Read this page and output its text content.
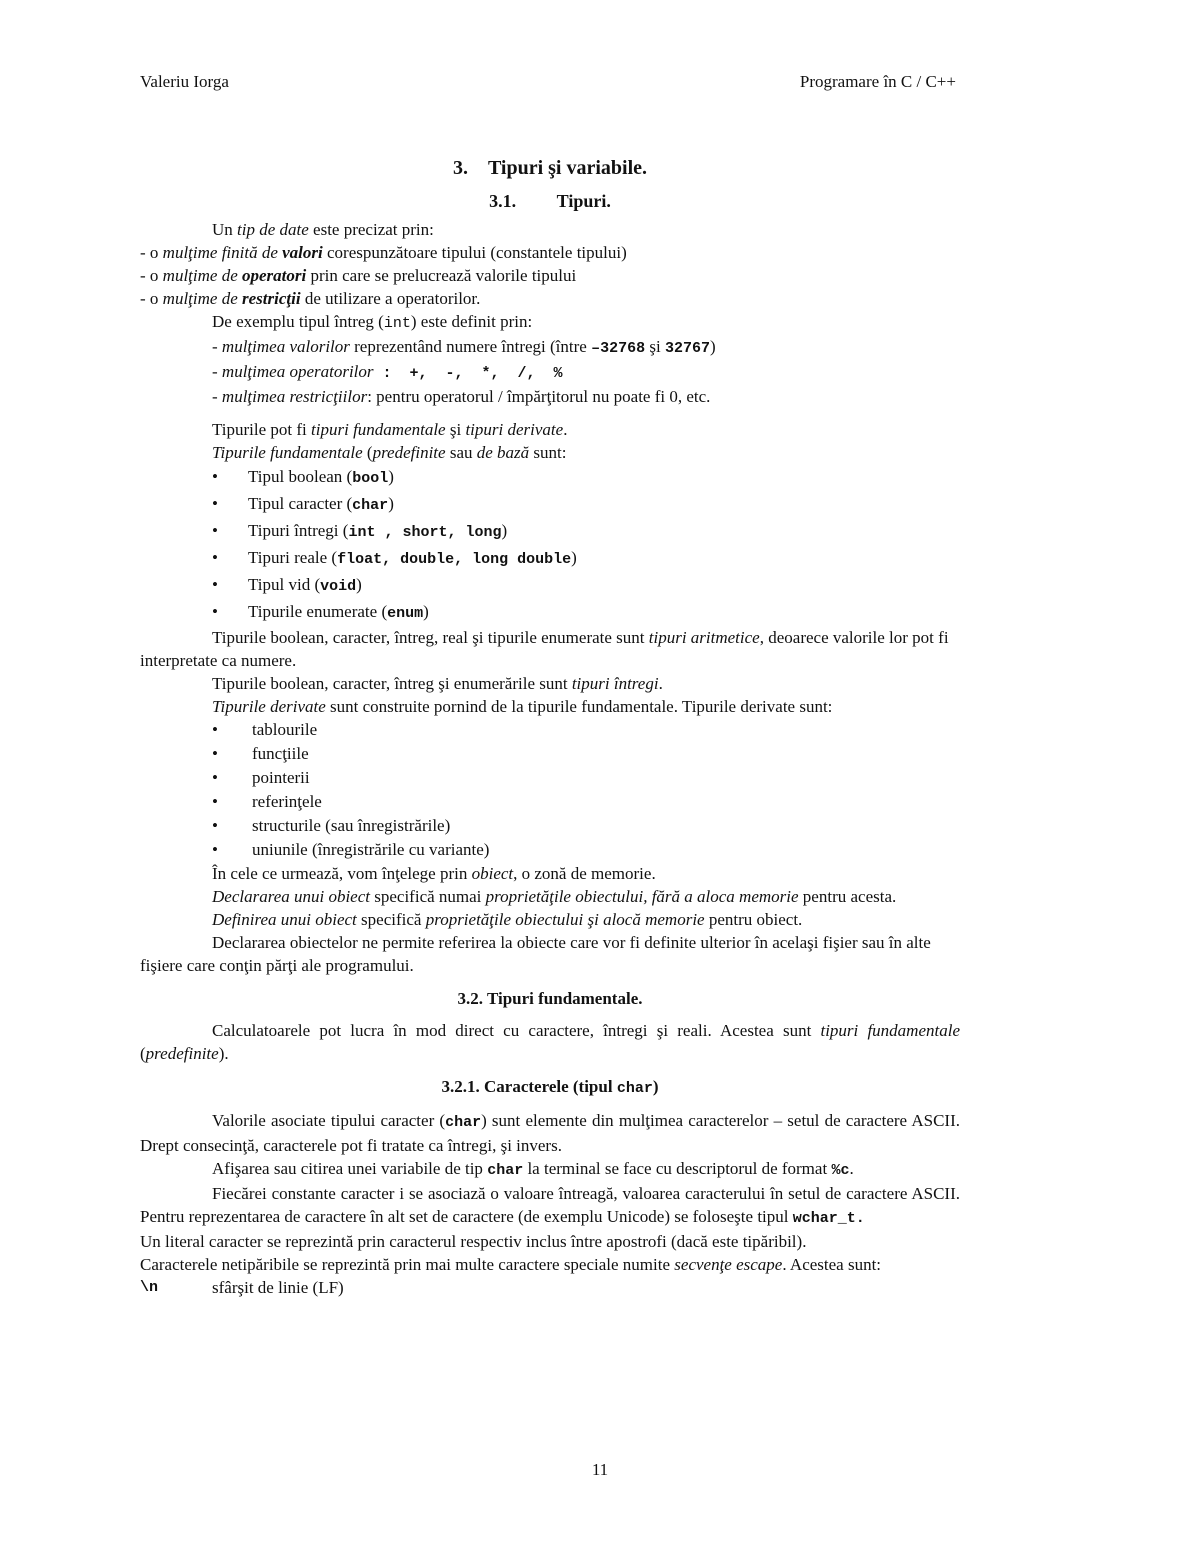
Valeriu Iorga	Programare în C / C++
3. Tipuri şi variabile.
3.1. Tipuri.

Un tip de date este precizat prin:

- o mulţime finită de valori corespunzătoare tipului (constantele tipului)

- o mulţime de operatori prin care se prelucrează valorile tipului

- o mulţime de restricţii de utilizare a operatorilor.

De exemplu tipul întreg (int) este definit prin:

- mulţimea valorilor reprezentând numere întregi (între –32768 şi 32767)

- mulţimea operatorilor :  +,  -,  *,  /,  %

- mulţimea restricţiilor: pentru operatorul / împărţitorul nu poate fi 0, etc.

Tipurile pot fi tipuri fundamentale şi tipuri derivate.

Tipurile fundamentale (predefinite sau de bază sunt:

• Tipul boolean (bool)
• Tipul caracter (char)
• Tipuri întregi (int , short, long)
• Tipuri reale (float, double, long double)
• Tipul vid (void)
• Tipurile enumerate (enum)

Tipurile boolean, caracter, întreg, real şi tipurile enumerate sunt tipuri aritmetice, deoarece valorile lor pot fi interpretate ca numere.

Tipurile boolean, caracter, întreg şi enumerările sunt tipuri întregi.

Tipurile derivate sunt construite pornind de la tipurile fundamentale. Tipurile derivate sunt:

• tablourile
• funcţiile
• pointerii
• referinţele
• structurile (sau înregistrările)
• uniunile (înregistrările cu variante)

În cele ce urmează, vom înţelege prin obiect, o zonă de memorie.

Declararea unui obiect specifică numai proprietăţile obiectului, fără a aloca memorie pentru acesta.

Definirea unui obiect specifică proprietăţile obiectului şi alocă memorie pentru obiect.

Declararea obiectelor ne permite referirea la obiecte care vor fi definite ulterior în acelaşi fişier sau în alte fişiere care conţin părţi ale programului.

3.2. Tipuri fundamentale.

Calculatoarele pot lucra în mod direct cu caractere, întregi şi reali. Acestea sunt tipuri fundamentale (predefinite).

3.2.1. Caracterele (tipul char)

Valorile asociate tipului caracter (char) sunt elemente din mulţimea caracterelor – setul de caractere ASCII. Drept consecinţă, caracterele pot fi tratate ca întregi, şi invers.

Afişarea sau citirea unei variabile de tip char la terminal se face cu descriptorul de format %c.

Fiecărei constante caracter i se asociază o valoare întreagă, valoarea caracterului în setul de caractere ASCII. Pentru reprezentarea de caractere în alt set de caractere (de exemplu Unicode) se foloseşte tipul wchar_t.

Un literal caracter se reprezintă prin caracterul respectiv inclus între apostrofi (dacă este tipăribil).

Caracterele netipăribile se reprezintă prin mai multe caractere speciale numite secvenţe escape. Acestea sunt:

\n	sfârşit de linie (LF)
11
